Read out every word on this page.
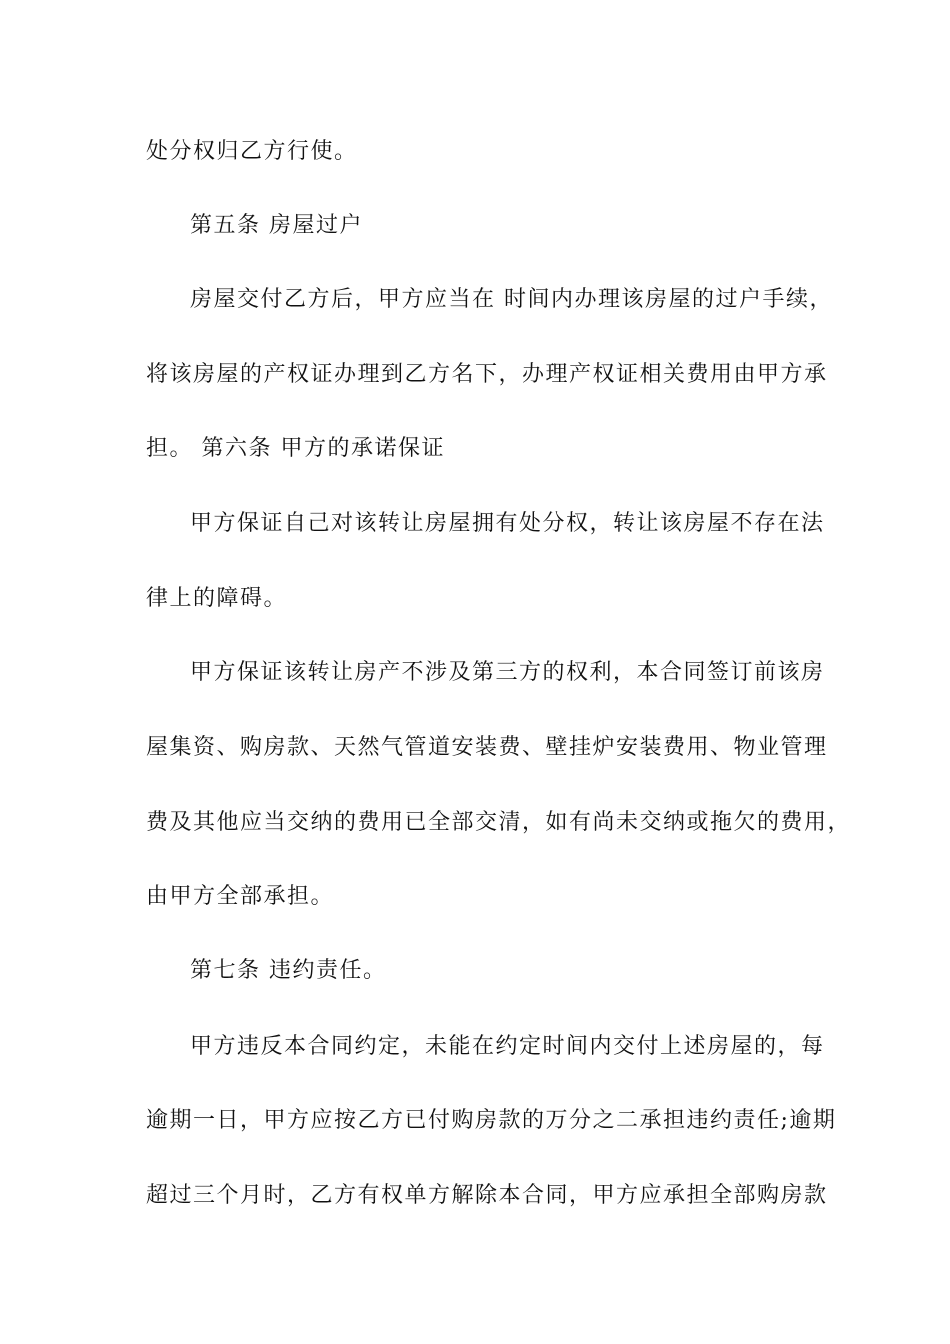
处分权归乙方行使。
第五条 房屋过户
房屋交付乙方后，甲方应当在 时间内办理该房屋的过户手续，
将该房屋的产权证办理到乙方名下，办理产权证相关费用由甲方承
担。 第六条 甲方的承诺保证
甲方保证自己对该转让房屋拥有处分权，转让该房屋不存在法
律上的障碍。
甲方保证该转让房产不涉及第三方的权利，本合同签订前该房
屋集资、购房款、天然气管道安装费、壁挂炉安装费用、物业管理
费及其他应当交纳的费用已全部交清，如有尚未交纳或拖欠的费用，
由甲方全部承担。
第七条 违约责任。
甲方违反本合同约定，未能在约定时间内交付上述房屋的，每
逾期一日，甲方应按乙方已付购房款的万分之二承担违约责任;逾期
超过三个月时，乙方有权单方解除本合同，甲方应承担全部购房款
